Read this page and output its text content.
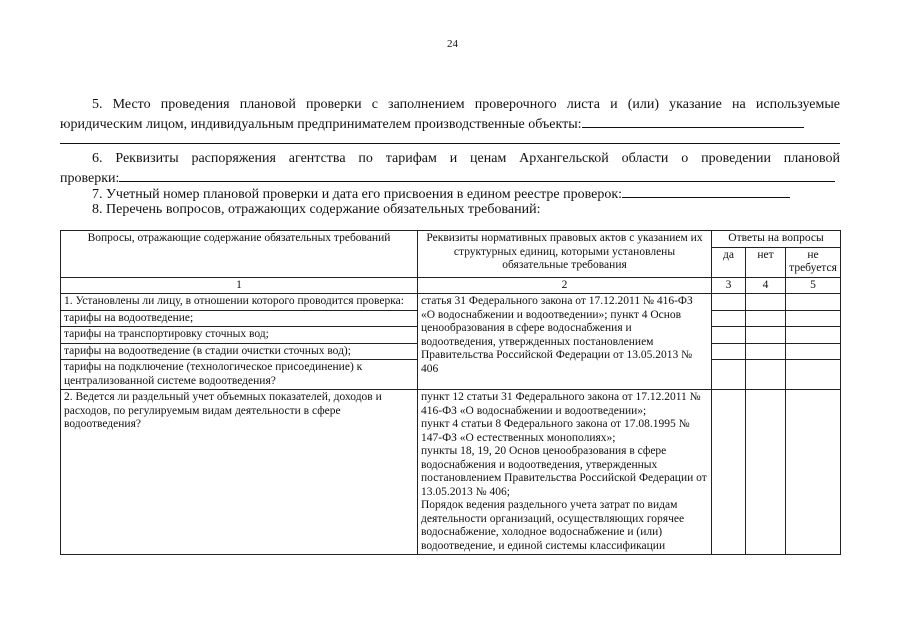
24
5. Место проведения плановой проверки с заполнением проверочного листа и (или) указание на используемые
юридическим лицом, индивидуальным предпринимателем производственные объекты:
6. Реквизиты распоряжения агентства по тарифам и ценам Архангельской области о проведении плановой
проверки:
7. Учетный номер плановой проверки и дата его присвоения в едином реестре проверок:
8. Перечень вопросов, отражающих содержание обязательных требований:
Вопросы, отражающие содержание обязательных требований	Реквизиты нормативных правовых актов с указанием их структурных единиц, которыми установлены обязательные требования	Ответы на вопросы		
		да	нет	не требуется
1	2	3	4	5
1. Установлены ли лицу, в отношении которого проводится проверка:	статья 31 Федерального закона от 17.12.2011 № 416-ФЗ «О водоснабжении и водоотведении»; пункт 4 Основ ценообразования в сфере водоснабжения и водоотведения, утвержденных постановлением Правительства Российской Федерации от 13.05.2013 № 406			
тарифы на водоотведение;				
тарифы на транспортировку сточных вод;				
тарифы на водоотведение (в стадии очистки сточных вод);				
тарифы на подключение (технологическое присоединение) к централизованной системе водоотведения?				
2. Ведется ли раздельный учет объемных показателей, доходов и расходов, по регулируемым видам деятельности в сфере водоотведения?	пункт 12 статьи 31 Федерального закона от 17.12.2011 № 416-ФЗ «О водоснабжении и водоотведении»;
пункт 4 статьи 8 Федерального закона от 17.08.1995 № 147-ФЗ «О естественных монополиях»;
пункты 18, 19, 20 Основ ценообразования в сфере водоснабжения и водоотведения, утвержденных постановлением Правительства Российской Федерации от 13.05.2013 № 406;
Порядок ведения раздельного учета затрат по видам деятельности организаций, осуществляющих горячее водоснабжение, холодное водоснабжение и (или) водоотведение, и единой системы классификации			
